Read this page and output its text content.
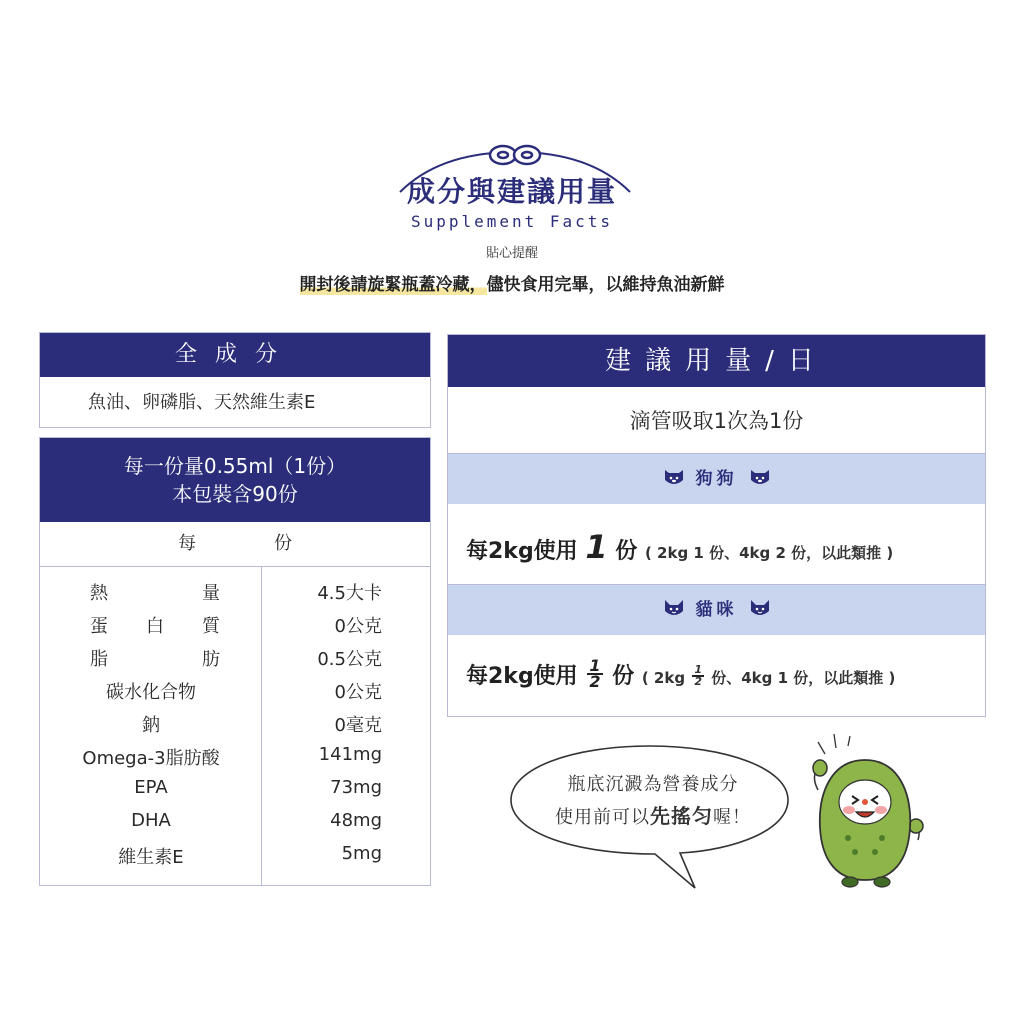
成分與建議用量
Supplement Facts
貼心提醒
開封後請旋緊瓶蓋冷藏，儘快食用完畢，以維持魚油新鮮
全成分
魚油、卵磷脂、天然維生素E
每一份量0.55ml（1份）
本包裝含90份
每	份
熱量	4.5大卡
蛋白質	0公克
脂肪	0.5公克
碳水化合物	0公克
鈉	0毫克
Omega-3脂肪酸	141mg
EPA	73mg
DHA	48mg
維生素E	5mg
建議用量/日
滴管吸取1次為1份
狗狗
每2kg使用 1 份 ( 2kg 1 份、4kg 2 份，以此類推 )
貓咪
每2kg使用 $\frac{1}{2}$ 份 ( $2kg \frac{1}{2}$ 份、4kg 1 份，以此類推 )
瓶底沉澱為營養成分
使用前可以先搖匀喔！
